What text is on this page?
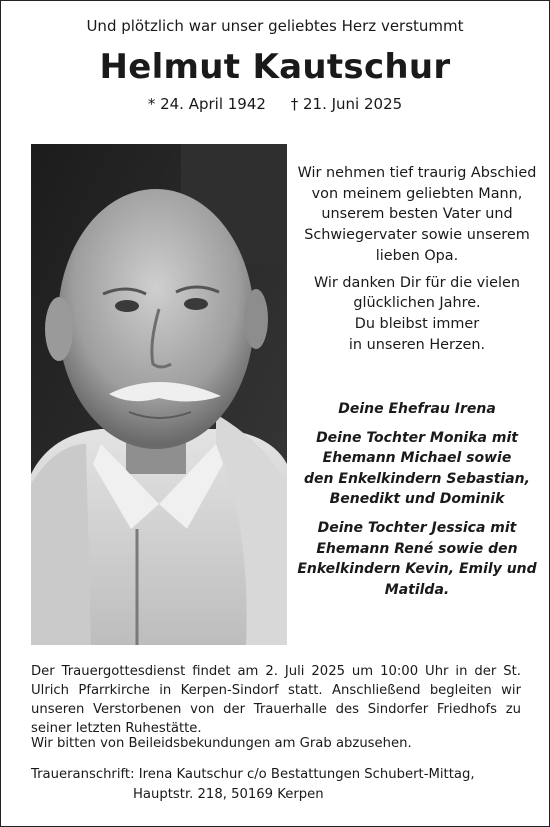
Und plötzlich war unser geliebtes Herz verstummt
Helmut Kautschur
* 24. April 1942 † 21. Juni 2025

Wir nehmen tief traurig Abschied
von meinem geliebten Mann,
unserem besten Vater und
Schwiegervater sowie unserem
lieben Opa.

Wir danken Dir für die vielen
glücklichen Jahre.
Du bleibst immer
in unseren Herzen.

Deine Ehefrau Irena

Deine Tochter Monika mit
Ehemann Michael sowie
den Enkelkindern Sebastian,
Benedikt und Dominik

Deine Tochter Jessica mit
Ehemann René sowie den
Enkelkindern Kevin, Emily und
Matilda.

Der Trauergottesdienst findet am 2. Juli 2025 um 10:00 Uhr in der St. Ulrich Pfarrkirche in Kerpen-Sindorf statt. Anschließend begleiten wir unseren Verstorbenen von der Trauerhalle des Sindorfer Friedhofs zu seiner letzten Ruhestätte.
Wir bitten von Beileidsbekundungen am Grab abzusehen.
Traueranschrift: Irena Kautschur c/o Bestattungen Schubert-Mittag,
Hauptstr. 218, 50169 Kerpen
